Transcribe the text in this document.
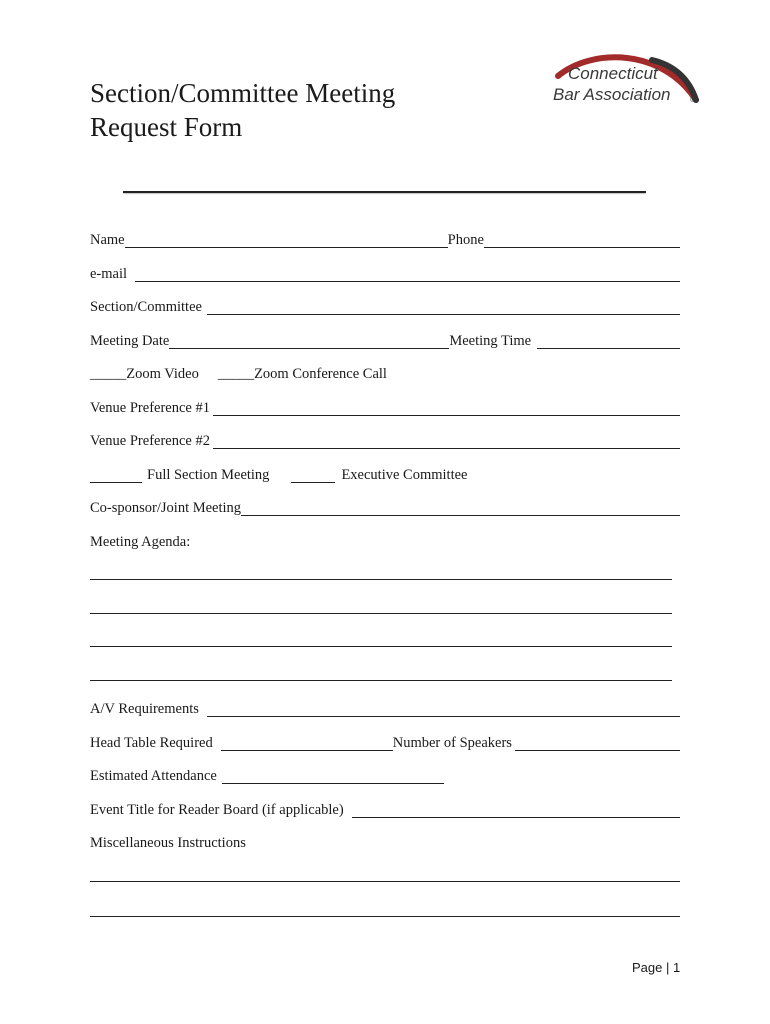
Section/Committee Meeting
Request Form
Connecticut
Bar Association ®
Name	Phone
e-mail
Section/Committee
Meeting Date	Meeting Time
_____ Zoom Video _____ Zoom Conference Call
Venue Preference #1
Venue Preference #2
Full Section Meeting	Executive Committee
Co-sponsor/Joint Meeting
Meeting Agenda:
A/V Requirements
Head Table Required	Number of Speakers
Estimated Attendance
Event Title for Reader Board (if applicable)
Miscellaneous Instructions
Page | 1
